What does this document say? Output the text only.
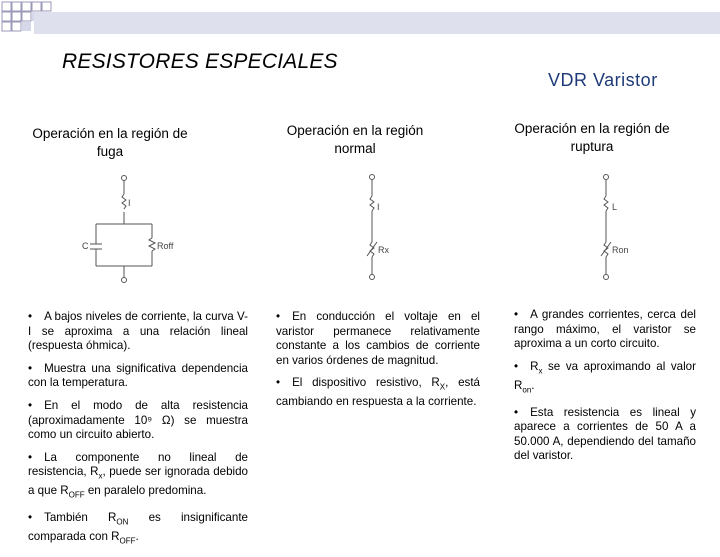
RESISTORES ESPECIALES
VDR Varistor
Operación en la región de fuga
Operación en la región normal
Operación en la región de ruptura
I
C	Roff
I
Rx
L
Ron

• A bajos niveles de corriente, la curva V-I se aproxima a una relación lineal (respuesta óhmica).

• Muestra una significativa dependencia con la temperatura.

• En el modo de alta resistencia (aproximadamente 10⁹ Ω) se muestra como un circuito abierto.

• La componente no lineal de resistencia, $R_x$, puede ser ignorada debido a que $R_{OFF}$ en paralelo predomina.

• También $R_{ON}$ es insignificante comparada con $R_{OFF}$.

• En conducción el voltaje en el varistor permanece relativamente constante a los cambios de corriente en varios órdenes de magnitud.

• El dispositivo resistivo, $R_X$, está cambiando en respuesta a la corriente.

• A grandes corrientes, cerca del rango máximo, el varistor se aproxima a un corto circuito.

• $R_x$ se va aproximando al valor $R_{on}$.

• Esta resistencia es lineal y aparece a corrientes de 50 A a 50.000 A, dependiendo del tamaño del varistor.
